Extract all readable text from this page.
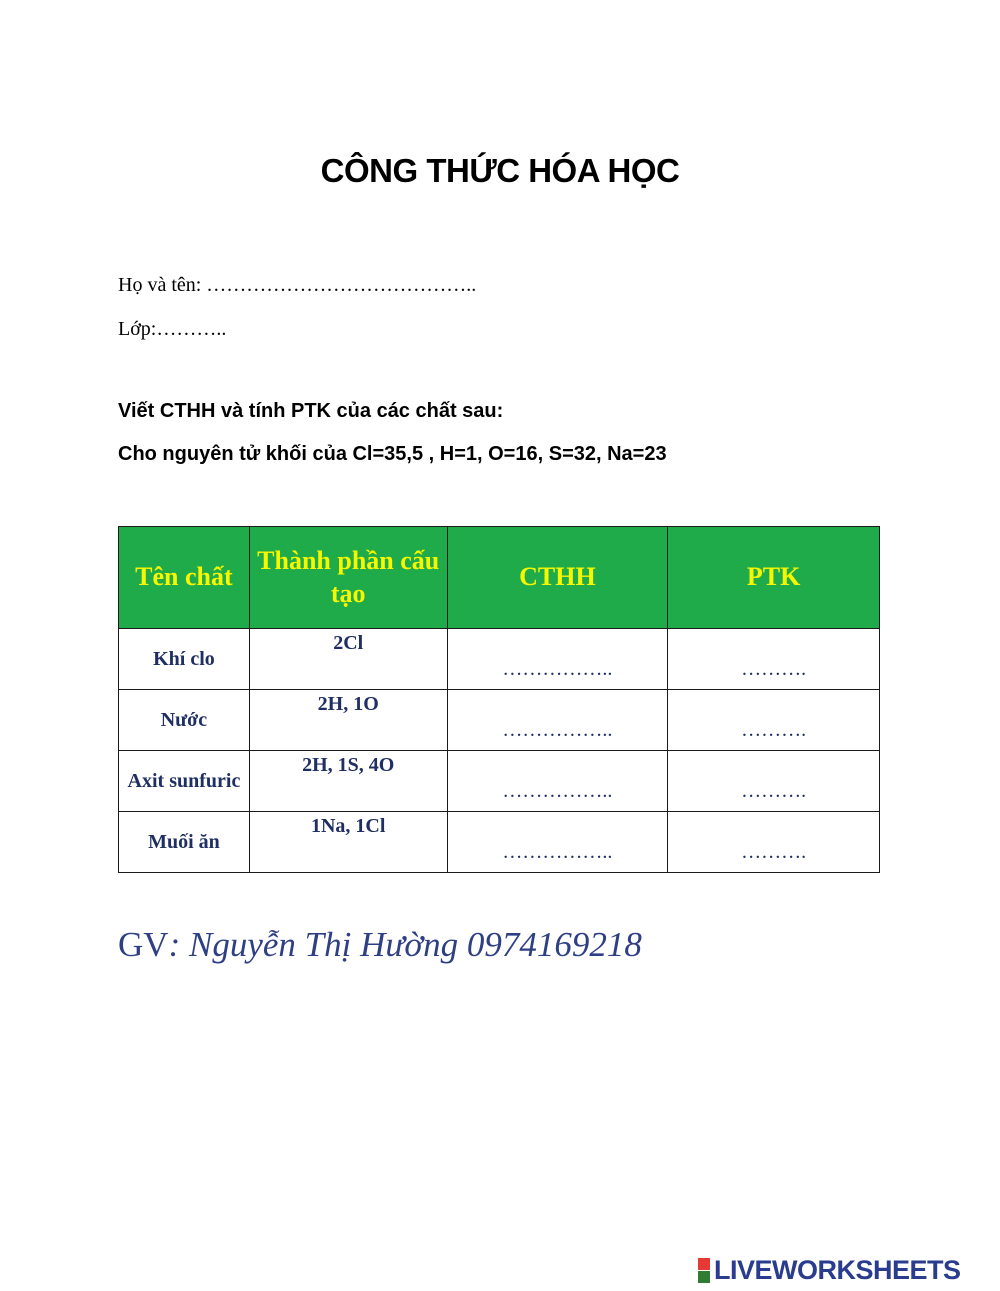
CÔNG THỨC HÓA HỌC
Họ và tên: …………………………………..
Lớp:………..
Viết CTHH và tính PTK của các chất sau:
Cho nguyên tử khối của Cl=35,5 , H=1, O=16, S=32, Na=23
Tên chất	Thành phần cấu tạo	CTHH	PTK
Khí clo	2Cl	……………..	……….
Nước	2H, 1O	……………..	……….
Axit sunfuric	2H, 1S, 4O	……………..	……….
Muối ăn	1Na, 1Cl	……………..	……….
GV: Nguyễn Thị Hường 0974169218
LIVEWORKSHEETS
